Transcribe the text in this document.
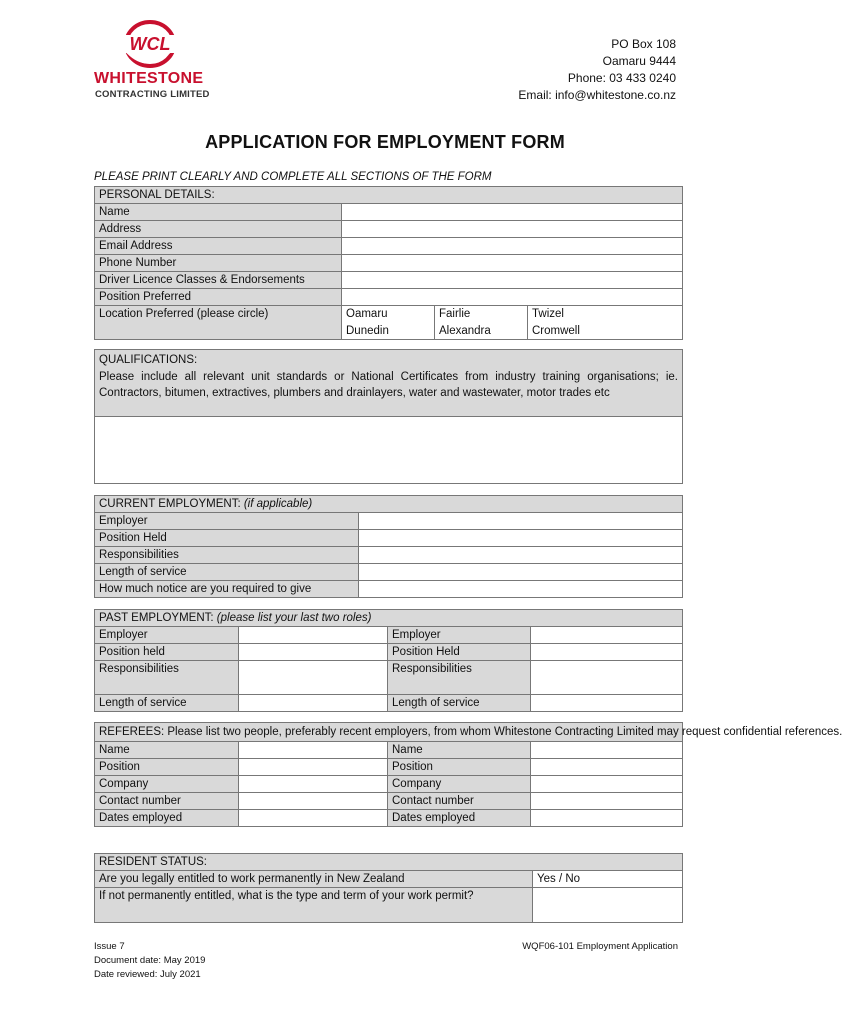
WCL
WHITESTONE
CONTRACTING LIMITED
PO Box 108
Oamaru 9444
Phone: 03 433 0240
Email: info@whitestone.co.nz
APPLICATION FOR EMPLOYMENT FORM
PLEASE PRINT CLEARLY AND COMPLETE ALL SECTIONS OF THE FORM
PERSONAL DETAILS:			
Name			
Address			
Email Address			
Phone Number			
Driver Licence Classes & Endorsements			
Position Preferred			
Location Preferred (please circle)	Oamaru	Fairlie	Twizel
	Dunedin	Alexandra	Cromwell
QUALIFICATIONS:
Please include all relevant unit standards or National Certificates from industry training organisations; ie. Contractors, bitumen, extractives, plumbers and drainlayers, water and wastewater, motor trades etc
CURRENT EMPLOYMENT: (if applicable)	
Employer	
Position Held	
Responsibilities	
Length of service	
How much notice are you required to give	
PAST EMPLOYMENT: (please list your last two roles)			
Employer		Employer	
Position held		Position Held	
Responsibilities		Responsibilities	
Length of service		Length of service	
REFEREES: Please list two people, preferably recent employers, from whom Whitestone Contracting Limited may request confidential references.			
Name		Name	
Position		Position	
Company		Company	
Contact number		Contact number	
Dates employed		Dates employed	
RESIDENT STATUS:	
Are you legally entitled to work permanently in New Zealand	Yes / No
If not permanently entitled, what is the type and term of your work permit?	
Issue 7
Document date: May 2019
Date reviewed: July 2021
WQF06-101 Employment Application
